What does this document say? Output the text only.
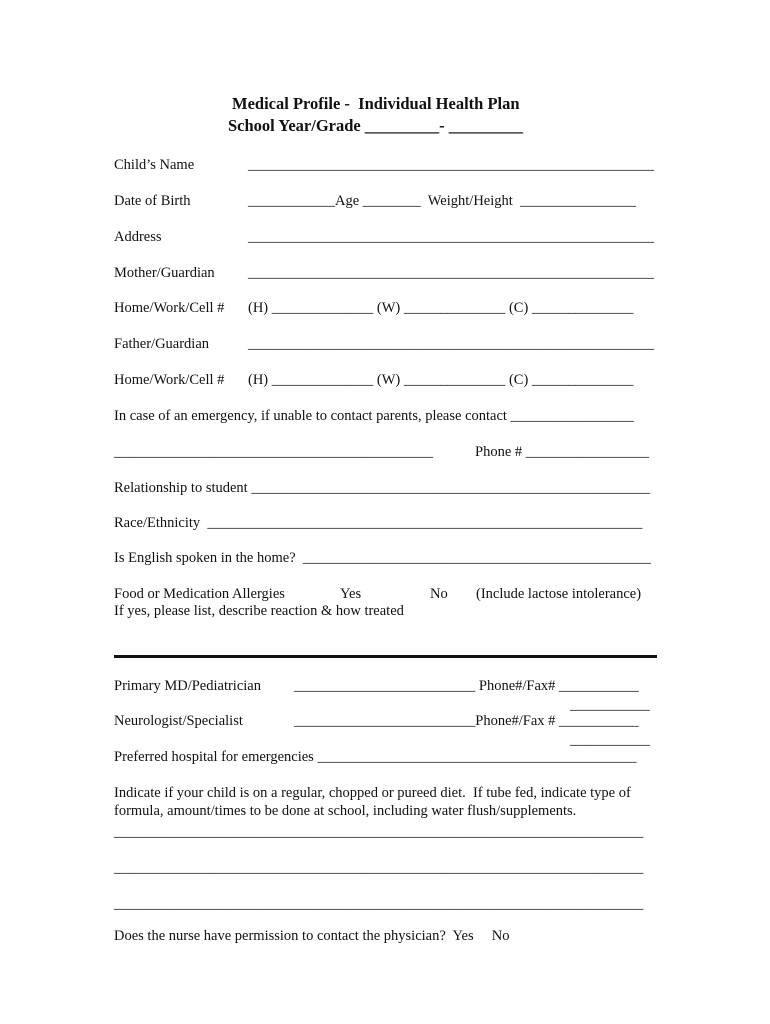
Medical Profile -  Individual Health Plan
School Year/Grade _________- _________
Child’s Name	________________________________________________________
Date of Birth	____________Age ________  Weight/Height  ________________
Address	________________________________________________________
Mother/Guardian ________________________________________________________
Home/Work/Cell # (H) ______________ (W) ______________ (C) ______________
Father/Guardian	________________________________________________________
Home/Work/Cell # (H) ______________ (W) ______________ (C) ______________
In case of an emergency, if unable to contact parents, please contact _________________
____________________________________________	Phone # _________________
Relationship to student _______________________________________________________
Race/Ethnicity  ____________________________________________________________
Is English spoken in the home?  ________________________________________________
Food or Medication Allergies	Yes	No (Include lactose intolerance)
If yes, please list, describe reaction & how treated
Primary MD/Pediatrician _________________________ Phone#/Fax# ___________
___________
Neurologist/Specialist	_________________________Phone#/Fax # ___________
___________
Preferred hospital for emergencies ____________________________________________
Indicate if your child is on a regular, chopped or pureed diet.  If tube fed, indicate type of
formula, amount/times to be done at school, including water flush/supplements.
_________________________________________________________________________
_________________________________________________________________________
_________________________________________________________________________
Does the nurse have permission to contact the physician?  Yes     No
